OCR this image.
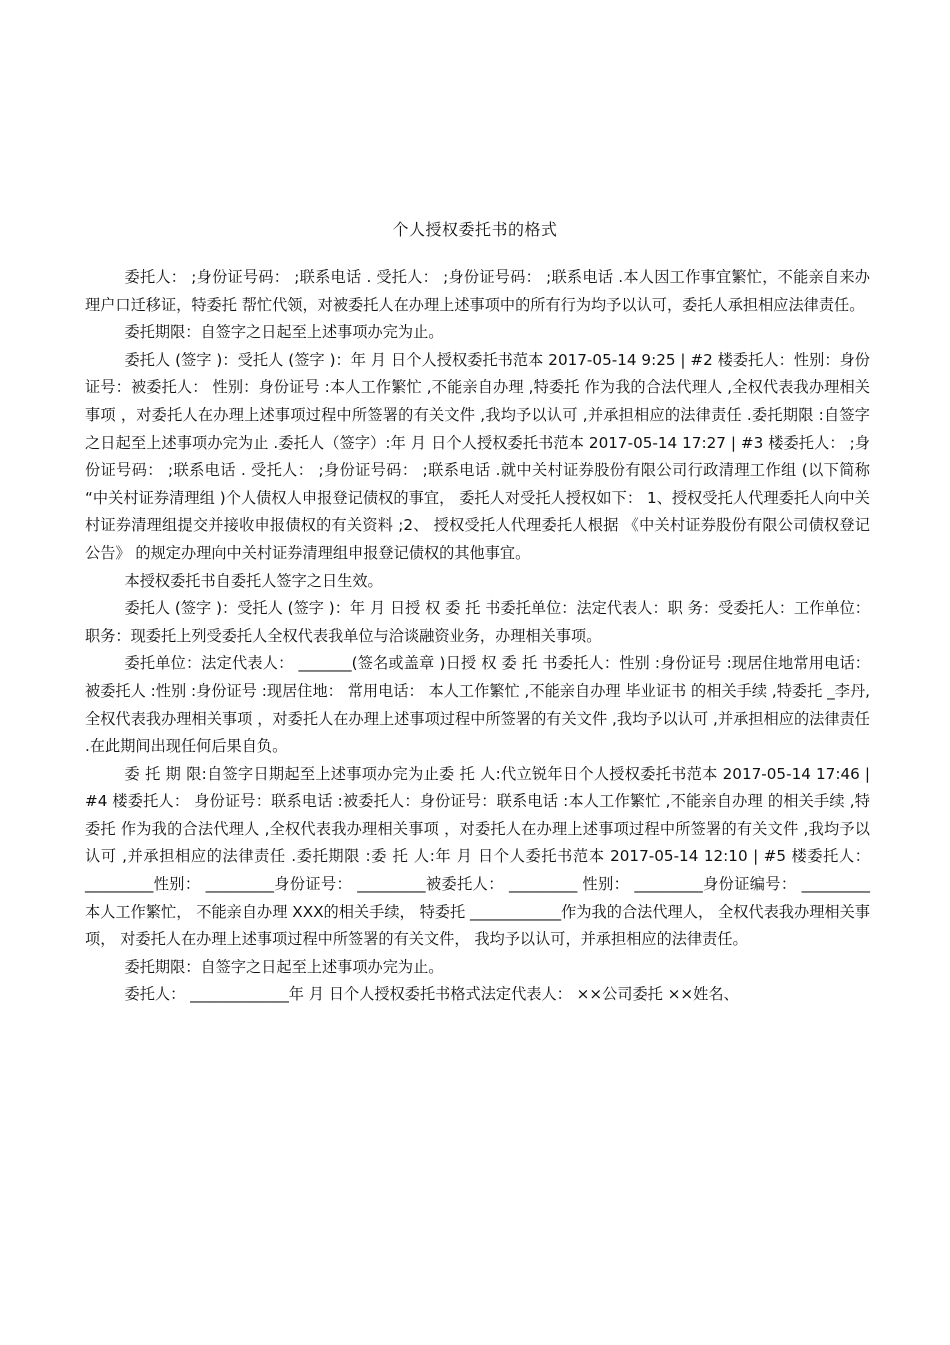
个人授权委托书的格式

委托人： ;身份证号码： ;联系电话 . 受托人： ;身份证号码： ;联系电话 .本人因工作事宜繁忙，不能亲自来办理户口迁移证，特委托 帮忙代领，对被委托人在办理上述事项中的所有行为均予以认可，委托人承担相应法律责任。

委托期限：自签字之日起至上述事项办完为止。

委托人 (签字 )：受托人 (签字 )：年 月 日个人授权委托书范本 2017-05-14 9:25 | #2 楼委托人：性别：身份证号：被委托人： 性别：身份证号 :本人工作繁忙 ,不能亲自办理 ,特委托 作为我的合法代理人 ,全权代表我办理相关事项 ，对委托人在办理上述事项过程中所签署的有关文件 ,我均予以认可 ,并承担相应的法律责任 .委托期限 :自签字之日起至上述事项办完为止 .委托人（签字）:年 月 日个人授权委托书范本 2017-05-14 17:27 | #3 楼委托人： ;身份证号码： ;联系电话 . 受托人： ;身份证号码： ;联系电话 .就中关村证券股份有限公司行政清理工作组 (以下简称 “中关村证券清理组 )个人债权人申报登记债权的事宜， 委托人对受托人授权如下： 1、授权受托人代理委托人向中关村证券清理组提交并接收申报债权的有关资料 ;2、 授权受托人代理委托人根据 《中关村证券股份有限公司债权登记公告》 的规定办理向中关村证券清理组申报登记债权的其他事宜。

本授权委托书自委托人签字之日生效。

委托人 (签字 )：受托人 (签字 )：年 月 日授 权 委 托 书委托单位：法定代表人：职 务：受委托人：工作单位：职务：现委托上列受委托人全权代表我单位与洽谈融资业务，办理相关事项。

委托单位：法定代表人： _______(签名或盖章 )日授 权 委 托 书委托人：性别 :身份证号 :现居住地常用电话： 被委托人 :性别 :身份证号 :现居住地： 常用电话： 本人工作繁忙 ,不能亲自办理 毕业证书 的相关手续 ,特委托 _李丹,全权代表我办理相关事项 ，对委托人在办理上述事项过程中所签署的有关文件 ,我均予以认可 ,并承担相应的法律责任 .在此期间出现任何后果自负。

委 托 期 限:自签字日期起至上述事项办完为止委 托 人:代立锐年日个人授权委托书范本 2017-05-14 17:46 | #4 楼委托人： 身份证号：联系电话 :被委托人：身份证号：联系电话 :本人工作繁忙 ,不能亲自办理 的相关手续 ,特委托 作为我的合法代理人 ,全权代表我办理相关事项 ，对委托人在办理上述事项过程中所签署的有关文件 ,我均予以认可 ,并承担相应的法律责任 .委托期限 :委 托 人:年 月 日个人委托书范本 2017-05-14 12:10 | #5 楼委托人： _________性别： _________身份证号： _________被委托人： _________ 性别： _________身份证编号： _________本人工作繁忙， 不能亲自办理 XXX的相关手续， 特委托 ____________作为我的合法代理人， 全权代表我办理相关事项， 对委托人在办理上述事项过程中所签署的有关文件， 我均予以认可，并承担相应的法律责任。

委托期限：自签字之日起至上述事项办完为止。

委托人： _____________年 月 日个人授权委托书格式法定代表人： ××公司委托 ××姓名、
